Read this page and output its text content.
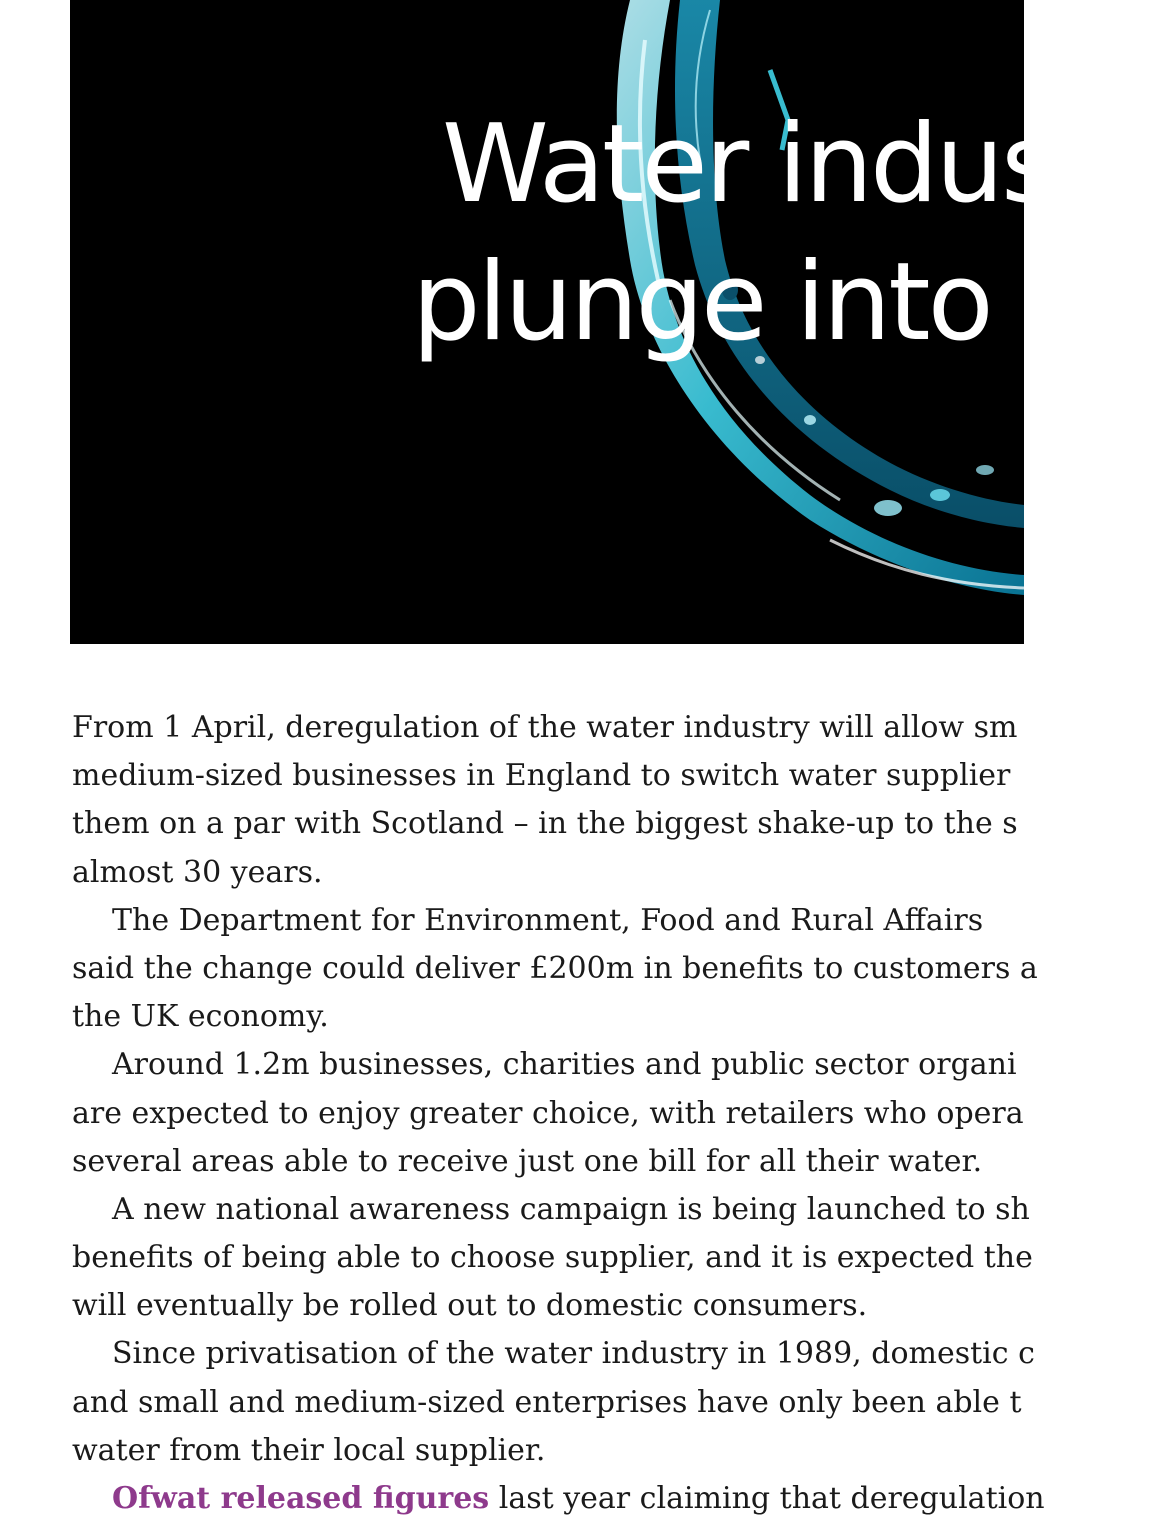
Water indust
plunge into c

From 1 April, deregulation of the water industry will allow sm
medium-sized businesses in England to switch water supplier
them on a par with Scotland – in the biggest shake-up to the s
almost 30 years.

The Department for Environment, Food and Rural Affairs
said the change could deliver £200m in benefits to customers a
the UK economy.

Around 1.2m businesses, charities and public sector organi
are expected to enjoy greater choice, with retailers who opera
several areas able to receive just one bill for all their water.

A new national awareness campaign is being launched to sh
benefits of being able to choose supplier, and it is expected the
will eventually be rolled out to domestic consumers.

Since privatisation of the water industry in 1989, domestic c
and small and medium-sized enterprises have only been able t
water from their local supplier.

Ofwat released figures last year claiming that deregulation
